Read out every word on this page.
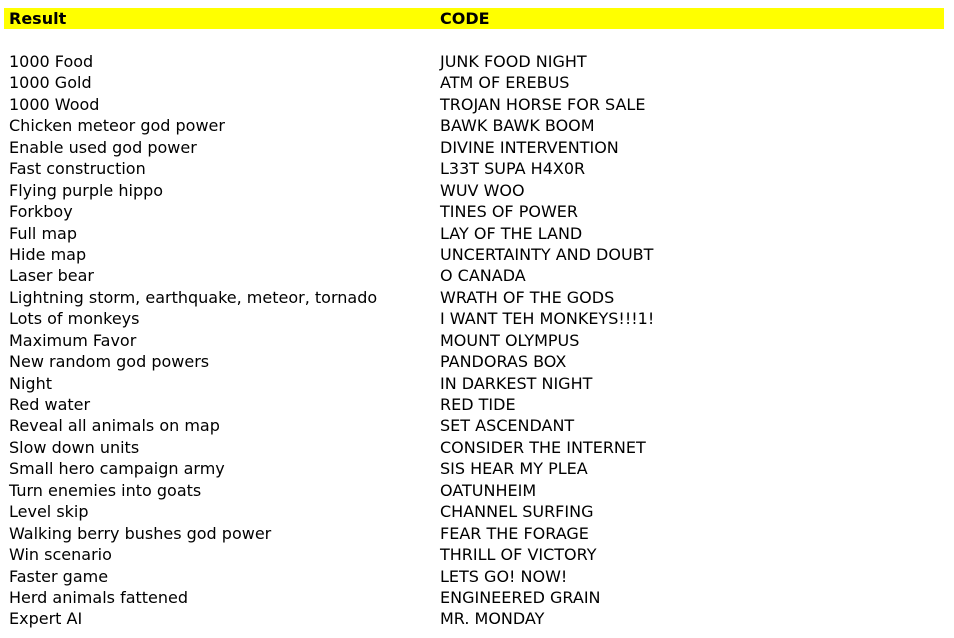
Result	CODE
1000 Food	JUNK FOOD NIGHT
1000 Gold	ATM OF EREBUS
1000 Wood	TROJAN HORSE FOR SALE
Chicken meteor god power	BAWK BAWK BOOM
Enable used god power	DIVINE INTERVENTION
Fast construction	L33T SUPA H4X0R
Flying purple hippo	WUV WOO
Forkboy	TINES OF POWER
Full map	LAY OF THE LAND
Hide map	UNCERTAINTY AND DOUBT
Laser bear	O CANADA
Lightning storm, earthquake, meteor, tornado	WRATH OF THE GODS
Lots of monkeys	I WANT TEH MONKEYS!!!1!
Maximum Favor	MOUNT OLYMPUS
New random god powers	PANDORAS BOX
Night	IN DARKEST NIGHT
Red water	RED TIDE
Reveal all animals on map	SET ASCENDANT
Slow down units	CONSIDER THE INTERNET
Small hero campaign army	SIS HEAR MY PLEA
Turn enemies into goats	OATUNHEIM
Level skip	CHANNEL SURFING
Walking berry bushes god power	FEAR THE FORAGE
Win scenario	THRILL OF VICTORY
Faster game	LETS GO! NOW!
Herd animals fattened	ENGINEERED GRAIN
Expert AI	MR. MONDAY
